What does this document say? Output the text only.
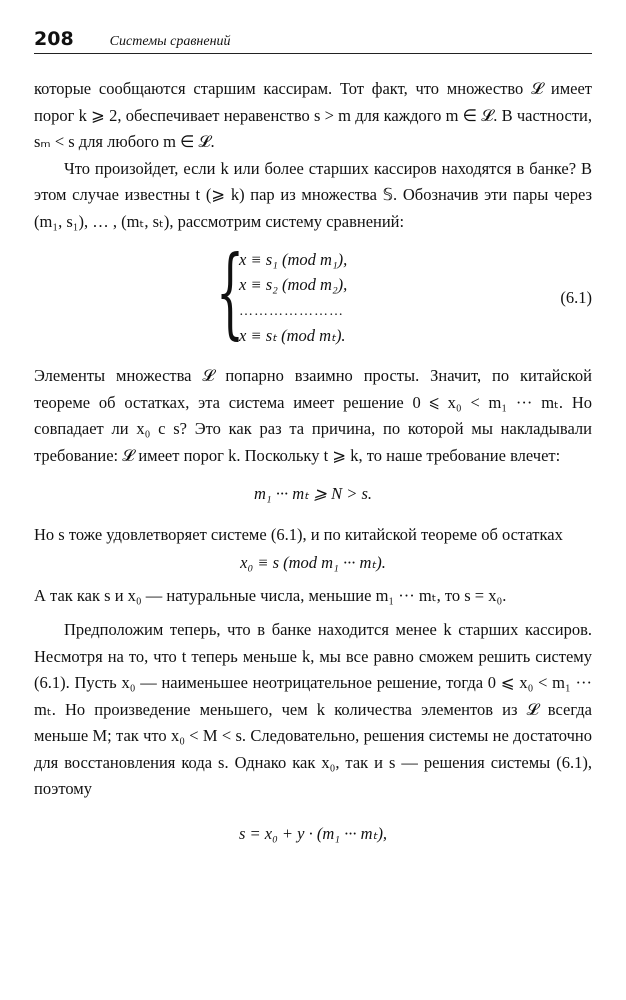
208	Системы сравнений

которые сообщаются старшим кассирам. Тот факт, что множество 𝓛 имеет порог k ⩾ 2, обеспечивает неравенство s > m для каждого m ∈ 𝓛. В частности, sₘ < s для любого m ∈ 𝓛.

Что произойдет, если k или более старших кассиров находятся в банке? В этом случае известны t (⩾ k) пар из множества 𝕊. Обозначив эти пары через (m₁, s₁), … , (mₜ, sₜ), рассмотрим систему сравнений:

{
x ≡ s₁ (mod m₁),
x ≡ s₂ (mod m₂),
…………………
x ≡ sₜ (mod mₜ).
(6.1)

Элементы множества 𝓛 попарно взаимно просты. Значит, по китайской теореме об остатках, эта система имеет решение 0 ⩽ x₀ < m₁ ··· mₜ. Но совпадает ли x₀ с s? Это как раз та причина, по которой мы накладывали требование: 𝓛 имеет порог k. Поскольку t ⩾ k, то наше требование влечет:

m₁ ··· mₜ ⩾ N > s.

Но s тоже удовлетворяет системе (6.1), и по китайской теореме об остатках

x₀ ≡ s (mod m₁ ··· mₜ).

А так как s и x₀ — натуральные числа, меньшие m₁ ··· mₜ, то s = x₀.

Предположим теперь, что в банке находится менее k старших кассиров. Несмотря на то, что t теперь меньше k, мы все равно сможем решить систему (6.1). Пусть x₀ — наименьшее неотрицательное решение, тогда 0 ⩽ x₀ < m₁ ··· mₜ. Но произведение меньшего, чем k количества элементов из 𝓛 всегда меньше M; так что x₀ < M < s. Следовательно, решения системы не достаточно для восстановления кода s. Однако как x₀, так и s — решения системы (6.1), поэтому

s = x₀ + y · (m₁ ··· mₜ),
